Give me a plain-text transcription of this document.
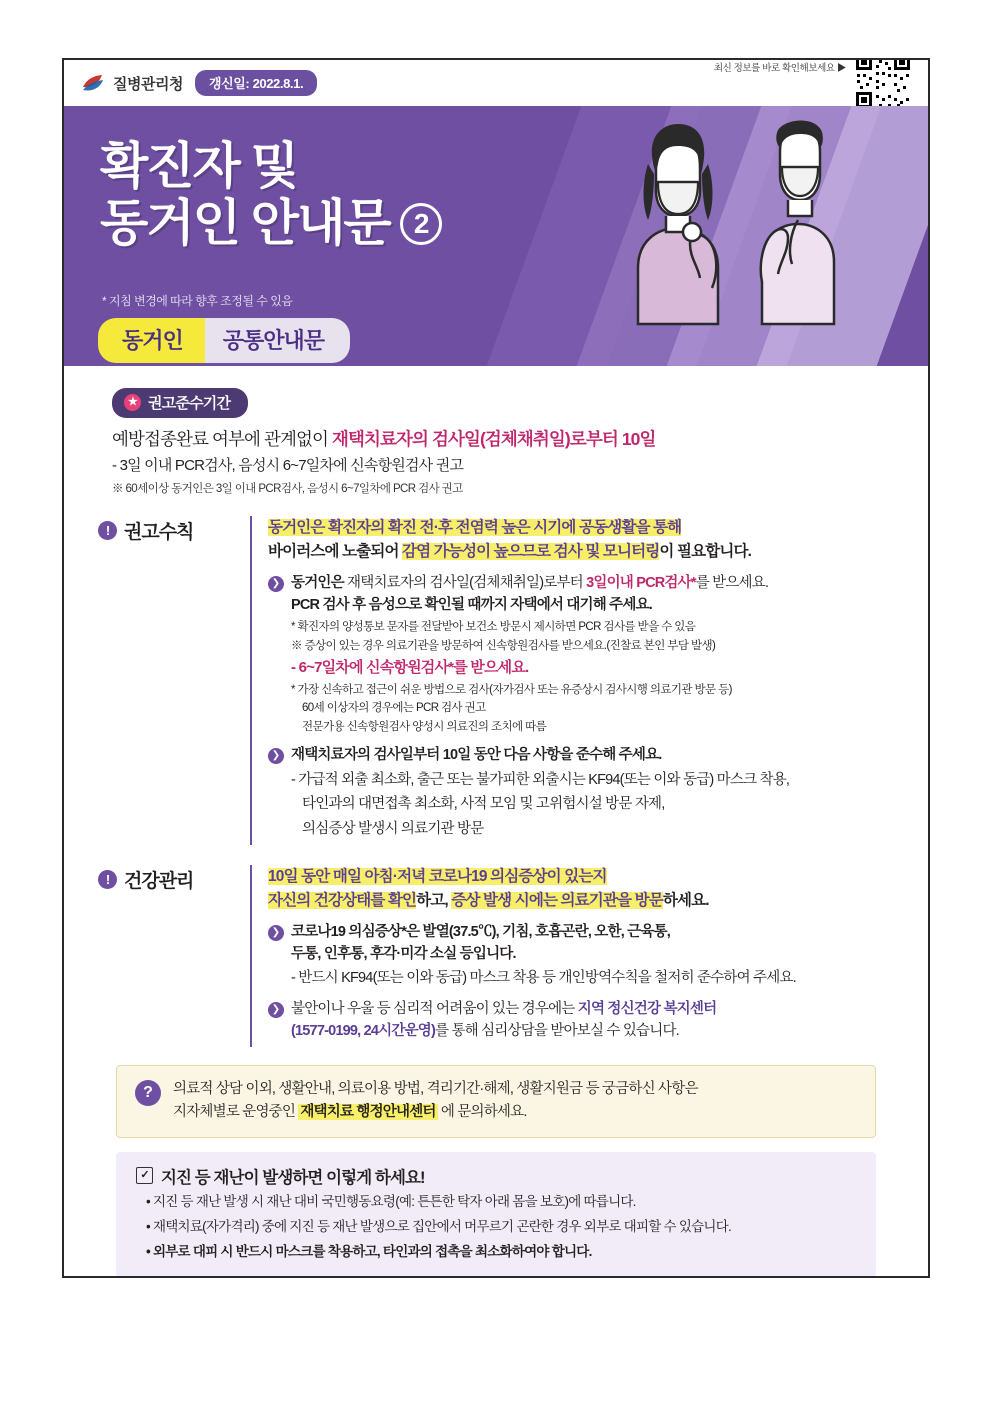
질병관리청	갱신일: 2022.8.1.
최신 정보를 바로 확인해보세요 ▶
확진자 및
동거인 안내문 2
* 지침 변경에 따라 향후 조정될 수 있음
동거인	공통안내문
★ 권고준수기간
예방접종완료 여부에 관계없이 재택치료자의 검사일(검체채취일)로부터 10일
- 3일 이내 PCR검사, 음성시 6~7일차에 신속항원검사 권고
※ 60세이상 동거인은 3일 이내 PCR검사, 음성시 6~7일차에 PCR 검사 권고
! 권고수칙	동거인은 확진자의 확진 전·후 전염력 높은 시기에 공동생활을 통해
바이러스에 노출되어 감염 가능성이 높으므로 검사 및 모니터링이 필요합니다.
❯ 동거인은 재택치료자의 검사일(검체채취일)로부터 3일이내 PCR검사*를 받으세요.
PCR 검사 후 음성으로 확인될 때까지 자택에서 대기해 주세요.
* 확진자의 양성통보 문자를 전달받아 보건소 방문시 제시하면 PCR 검사를 받을 수 있음
※ 증상이 있는 경우 의료기관을 방문하여 신속항원검사를 받으세요.(진찰료 본인 부담 발생)
- 6~7일차에 신속항원검사*를 받으세요.
* 가장 신속하고 접근이 쉬운 방법으로 검사(자가검사 또는 유증상시 검사시행 의료기관 방문 등)
60세 이상자의 경우에는 PCR 검사 권고
전문가용 신속항원검사 양성시 의료진의 조치에 따름
❯ 재택치료자의 검사일부터 10일 동안 다음 사항을 준수해 주세요.
- 가급적 외출 최소화, 출근 또는 불가피한 외출시는 KF94(또는 이와 동급) 마스크 착용,
타인과의 대면접촉 최소화, 사적 모임 및 고위험시설 방문 자제,
의심증상 발생시 의료기관 방문
! 건강관리	10일 동안 매일 아침·저녁 코로나19 의심증상이 있는지
자신의 건강상태를 확인하고, 증상 발생 시에는 의료기관을 방문하세요.
❯ 코로나19 의심증상*은 발열(37.5℃), 기침, 호흡곤란, 오한, 근육통,
두통, 인후통, 후각·미각 소실 등입니다.
- 반드시 KF94(또는 이와 동급) 마스크 착용 등 개인방역수칙을 철저히 준수하여 주세요.
❯ 불안이나 우울 등 심리적 어려움이 있는 경우에는 지역 정신건강 복지센터
(1577-0199, 24시간운영)를 통해 심리상담을 받아보실 수 있습니다.
?	의료적 상담 이외, 생활안내, 의료이용 방법, 격리기간·해제, 생활지원금 등 궁금하신 사항은
지자체별로 운영중인 재택치료 행정안내센터 에 문의하세요.
✓ 지진 등 재난이 발생하면 이렇게 하세요!
• 지진 등 재난 발생 시 재난 대비 국민행동요령(예: 튼튼한 탁자 아래 몸을 보호)에 따릅니다.
• 재택치료(자가격리) 중에 지진 등 재난 발생으로 집안에서 머무르기 곤란한 경우 외부로 대피할 수 있습니다.
• 외부로 대피 시 반드시 마스크를 착용하고, 타인과의 접촉을 최소화하여야 합니다.
